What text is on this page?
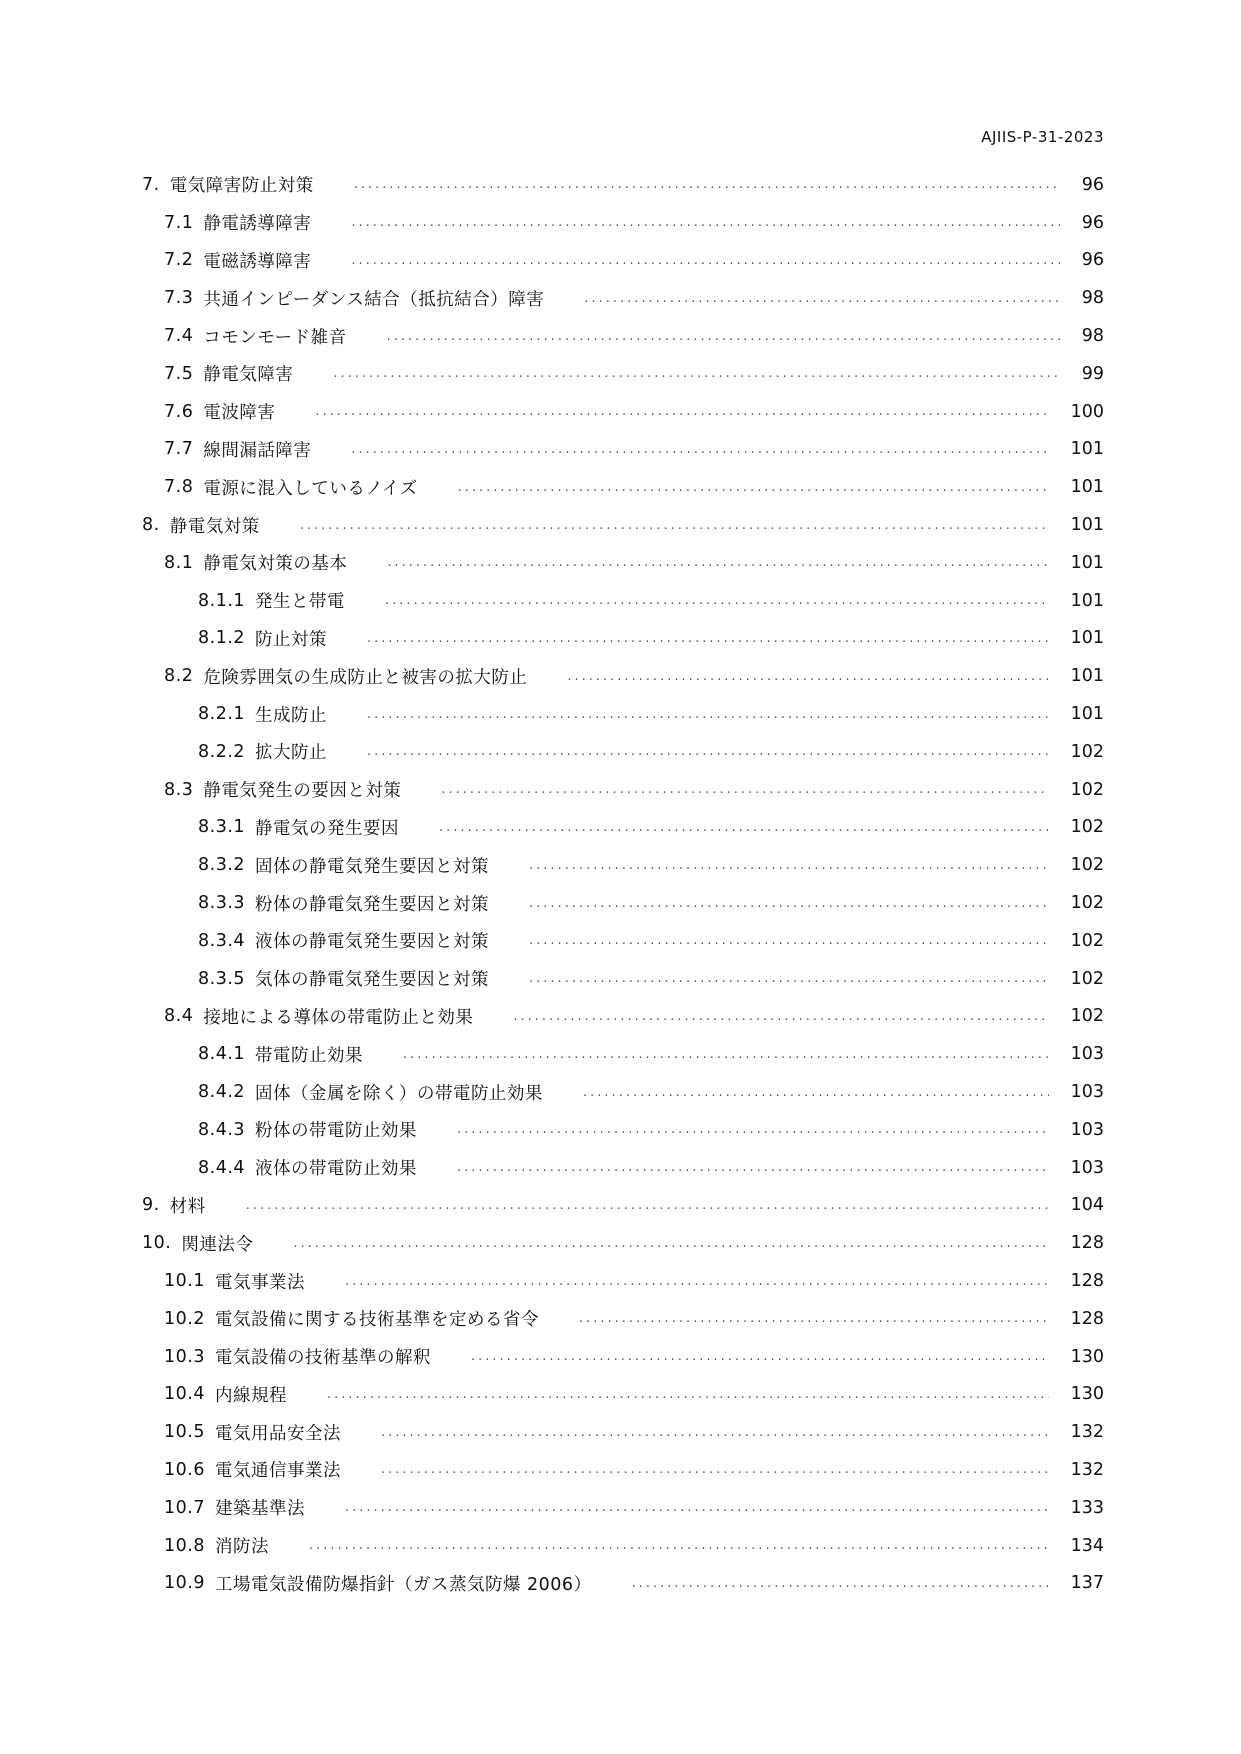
AJIIS-P-31-2023
7. 電気障害防止対策 .....	96
7.1 静電誘導障害 .....	96
7.2 電磁誘導障害 .....	96
7.3 共通インピーダンス結合（抵抗結合）障害 .....	98
7.4 コモンモード雑音 .....	98
7.5 静電気障害 .....	99
7.6 電波障害 .....	100
7.7 線間漏話障害 .....	101
7.8 電源に混入しているノイズ .....	101
8. 静電気対策 .....	101
8.1 静電気対策の基本 .....	101
8.1.1 発生と帯電 .....	101
8.1.2 防止対策 .....	101
8.2 危険雰囲気の生成防止と被害の拡大防止 .....	101
8.2.1 生成防止 .....	101
8.2.2 拡大防止 .....	102
8.3 静電気発生の要因と対策 .....	102
8.3.1 静電気の発生要因 .....	102
8.3.2 固体の静電気発生要因と対策 .....	102
8.3.3 粉体の静電気発生要因と対策 .....	102
8.3.4 液体の静電気発生要因と対策 .....	102
8.3.5 気体の静電気発生要因と対策 .....	102
8.4 接地による導体の帯電防止と効果 .....	102
8.4.1 帯電防止効果 .....	103
8.4.2 固体（金属を除く）の帯電防止効果 .....	103
8.4.3 粉体の帯電防止効果 .....	103
8.4.4 液体の帯電防止効果 .....	103
9. 材料 .....	104
10. 関連法令 .....	128
10.1 電気事業法 .....	128
10.2 電気設備に関する技術基準を定める省令 .....	128
10.3 電気設備の技術基準の解釈 .....	130
10.4 内線規程 .....	130
10.5 電気用品安全法 .....	132
10.6 電気通信事業法 .....	132
10.7 建築基準法 .....	133
10.8 消防法 .....	134
10.9 工場電気設備防爆指針（ガス蒸気防爆 2006） .....	137
